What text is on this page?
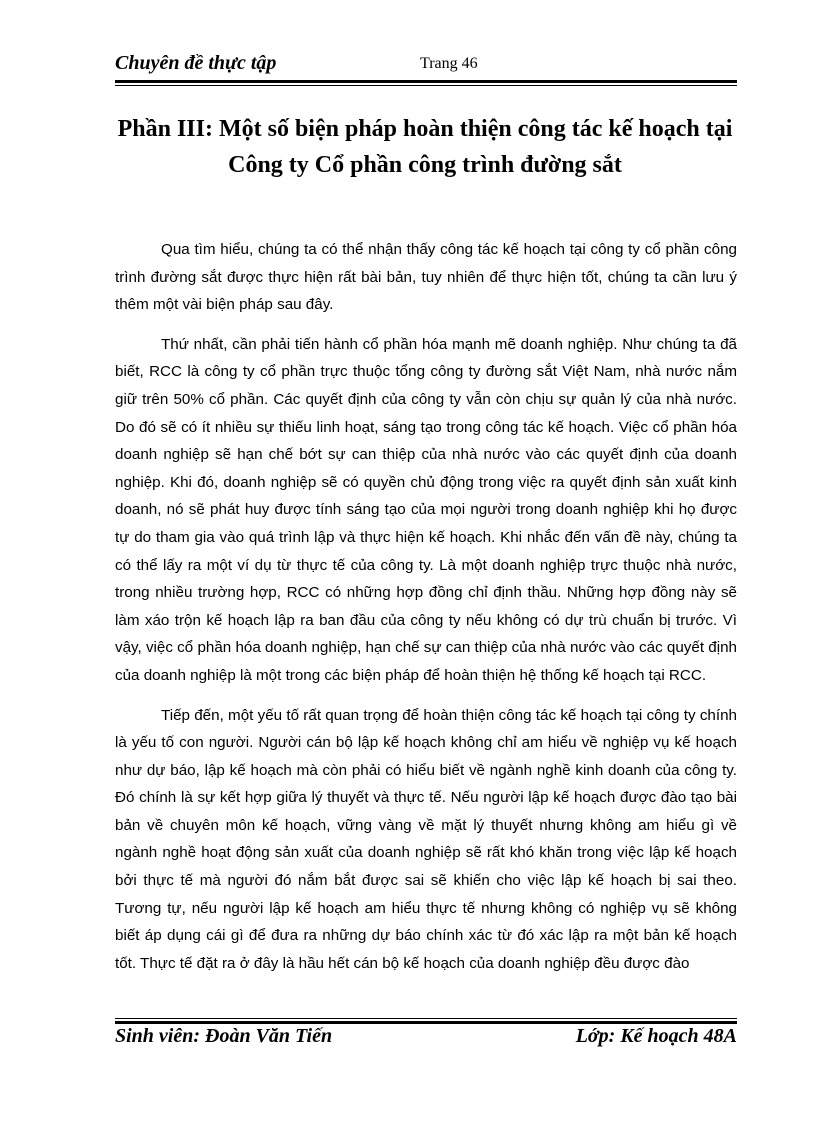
Chuyên đề thực tập	Trang 46
Phần III: Một số biện pháp hoàn thiện công tác kế hoạch tại
Công ty Cổ phần công trình đường sắt

Qua tìm hiểu, chúng ta có thể nhận thấy công tác kế hoạch tại công ty cổ phần công trình đường sắt được thực hiện rất bài bản, tuy nhiên để thực hiện tốt, chúng ta cần lưu ý thêm một vài biện pháp sau đây.

Thứ nhất, cần phải tiến hành cổ phần hóa mạnh mẽ doanh nghiệp. Như chúng ta đã biết, RCC là công ty cổ phần trực thuộc tổng công ty đường sắt Việt Nam, nhà nước nắm giữ trên 50% cổ phần. Các quyết định của công ty vẫn còn chịu sự quản lý của nhà nước. Do đó sẽ có ít nhiều sự thiếu linh hoạt, sáng tạo trong công tác kế hoạch. Việc cổ phần hóa doanh nghiệp sẽ hạn chế bớt sự can thiệp của nhà nước vào các quyết định của doanh nghiệp. Khi đó, doanh nghiệp sẽ có quyền chủ động trong việc ra quyết định sản xuất kinh doanh, nó sẽ phát huy được tính sáng tạo của mọi người trong doanh nghiệp khi họ được tự do tham gia vào quá trình lập và thực hiện kế hoạch. Khi nhắc đến vấn đề này, chúng ta có thể lấy ra một ví dụ từ thực tế của công ty. Là một doanh nghiệp trực thuộc nhà nước, trong nhiều trường hợp, RCC có những hợp đồng chỉ định thầu. Những hợp đồng này sẽ làm xáo trộn kế hoạch lập ra ban đầu của công ty nếu không có dự trù chuẩn bị trước. Vì vậy, việc cổ phần hóa doanh nghiệp, hạn chế sự can thiệp của nhà nước vào các quyết định của doanh nghiệp là một trong các biện pháp để hoàn thiện hệ thống kế hoạch tại RCC.

Tiếp đến, một yếu tố rất quan trọng để hoàn thiện công tác kế hoạch tại công ty chính là yếu tố con người. Người cán bộ lập kế hoạch không chỉ am hiểu về nghiệp vụ kế hoạch như dự báo, lập kế hoạch mà còn phải có hiểu biết về ngành nghề kinh doanh của công ty. Đó chính là sự kết hợp giữa lý thuyết và thực tế. Nếu người lập kế hoạch được đào tạo bài bản về chuyên môn kế hoạch, vững vàng về mặt lý thuyết nhưng không am hiểu gì về ngành nghề hoạt động sản xuất của doanh nghiệp sẽ rất khó khăn trong việc lập kế hoạch bởi thực tế mà người đó nắm bắt được sai sẽ khiến cho việc lập kế hoạch bị sai theo. Tương tự, nếu người lập kế hoạch am hiểu thực tế nhưng không có nghiệp vụ sẽ không biết áp dụng cái gì để đưa ra những dự báo chính xác từ đó xác lập ra một bản kế hoạch tốt. Thực tế đặt ra ở đây là hầu hết cán bộ kế hoạch của doanh nghiệp đều được đào

Sinh viên: Đoàn Văn Tiến	Lớp: Kế hoạch 48A
